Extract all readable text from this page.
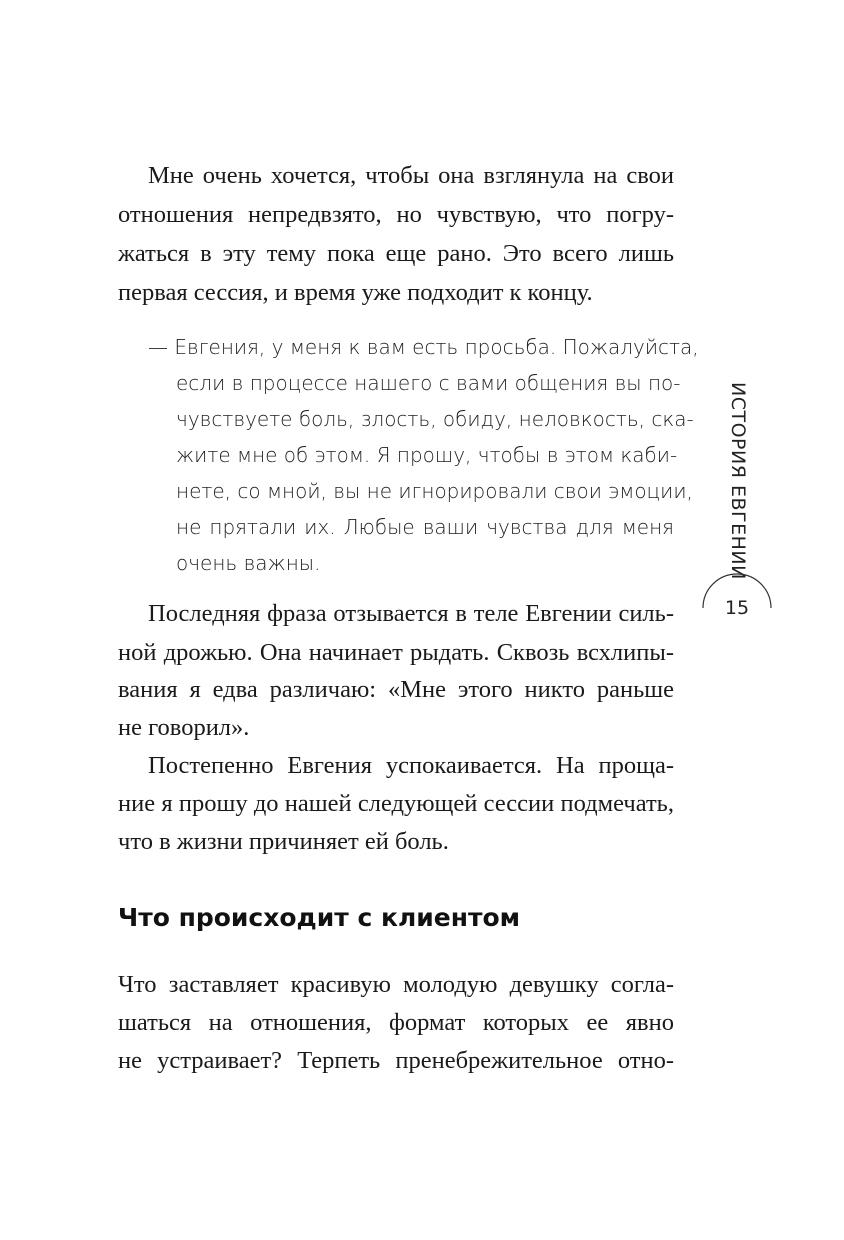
Мне очень хочется, чтобы она взглянула на свои
отношения непредвзято, но чувствую, что погру-
жаться в эту тему пока еще рано. Это всего лишь
первая сессия, и время уже подходит к концу.
— Евгения, у меня к вам есть просьба. Пожалуйста,
если в процессе нашего с вами общения вы по-
чувствуете боль, злость, обиду, неловкость, ска-
жите мне об этом. Я прошу, чтобы в этом каби-
нете, со мной, вы не игнорировали свои эмоции,
не прятали их. Любые ваши чувства для меня
очень важны.
Последняя фраза отзывается в теле Евгении силь-
ной дрожью. Она начинает рыдать. Сквозь всхлипы-
вания я едва различаю: «Мне этого никто раньше
не говорил».
Постепенно Евгения успокаивается. На проща-
ние я прошу до нашей следующей сессии подмечать,
что в жизни причиняет ей боль.
Что происходит с клиентом
Что заставляет красивую молодую девушку согла-
шаться на отношения, формат которых ее явно
не устраивает? Терпеть пренебрежительное отно-
ИСТОРИЯ ЕВГЕНИИ
15
